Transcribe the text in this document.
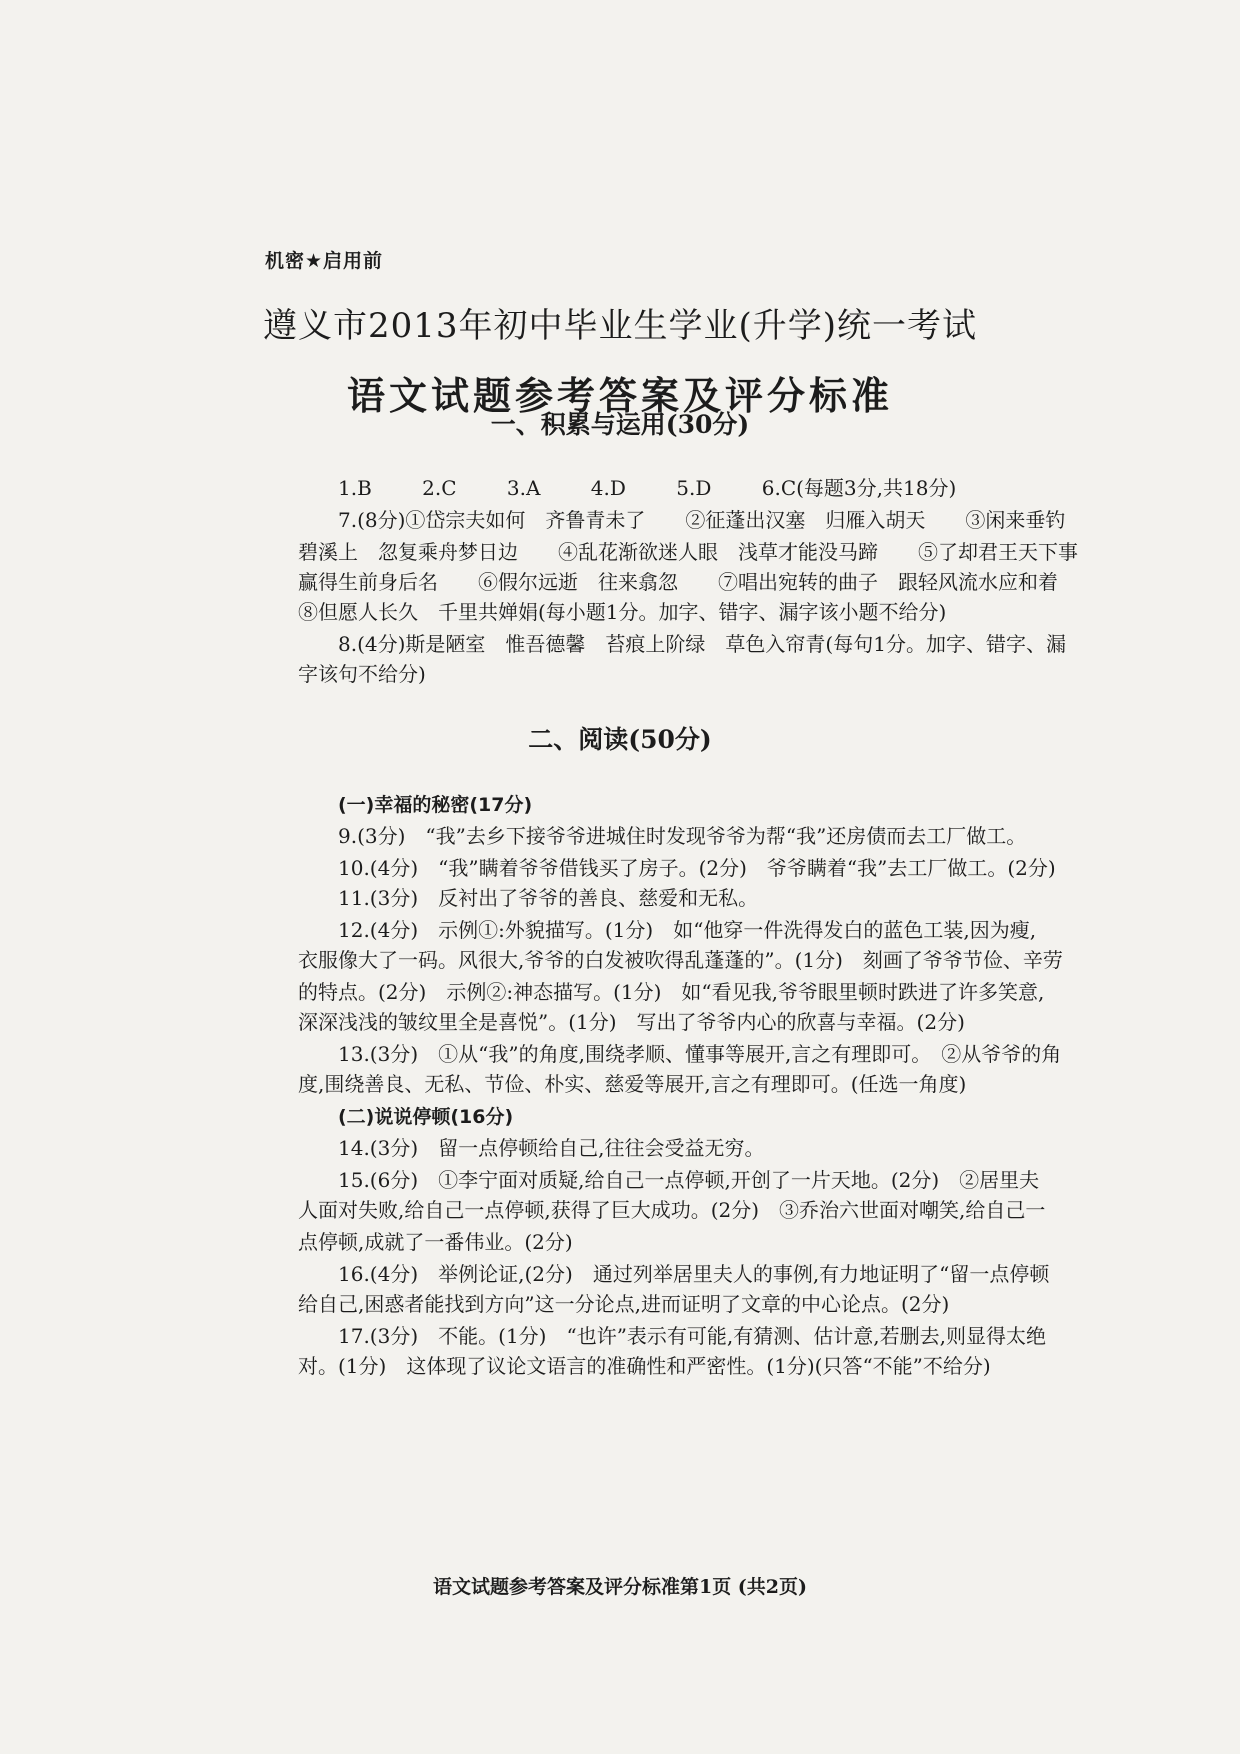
机密★启用前
遵义市2013年初中毕业生学业(升学)统一考试
语文试题参考答案及评分标准
一、积累与运用(30分)
1.B	2.C	3.A	4.D	5.D	6.C(每题3分,共18分)
7.(8分)①岱宗夫如何　齐鲁青未了　　②征蓬出汉塞　归雁入胡天　　③闲来垂钓
碧溪上　忽复乘舟梦日边　　④乱花渐欲迷人眼　浅草才能没马蹄　　⑤了却君王天下事
赢得生前身后名　　⑥假尔远逝　往来翕忽　　⑦唱出宛转的曲子　跟轻风流水应和着
⑧但愿人长久　千里共婵娟(每小题1分。加字、错字、漏字该小题不给分)
8.(4分)斯是陋室　惟吾德馨　苔痕上阶绿　草色入帘青(每句1分。加字、错字、漏
字该句不给分)
二、阅读(50分)
(一)幸福的秘密(17分)
9.(3分)　“我”去乡下接爷爷进城住时发现爷爷为帮“我”还房债而去工厂做工。
10.(4分)　“我”瞒着爷爷借钱买了房子。(2分)　爷爷瞒着“我”去工厂做工。(2分)
11.(3分)　反衬出了爷爷的善良、慈爱和无私。
12.(4分)　示例①:外貌描写。(1分)　如“他穿一件洗得发白的蓝色工装,因为瘦,
衣服像大了一码。风很大,爷爷的白发被吹得乱蓬蓬的”。(1分)　刻画了爷爷节俭、辛劳
的特点。(2分)　示例②:神态描写。(1分)　如“看见我,爷爷眼里顿时跌进了许多笑意,
深深浅浅的皱纹里全是喜悦”。(1分)　写出了爷爷内心的欣喜与幸福。(2分)
13.(3分)　①从“我”的角度,围绕孝顺、懂事等展开,言之有理即可。　②从爷爷的角
度,围绕善良、无私、节俭、朴实、慈爱等展开,言之有理即可。(任选一角度)
(二)说说停顿(16分)
14.(3分)　留一点停顿给自己,往往会受益无穷。
15.(6分)　①李宁面对质疑,给自己一点停顿,开创了一片天地。(2分)　②居里夫
人面对失败,给自己一点停顿,获得了巨大成功。(2分)　③乔治六世面对嘲笑,给自己一
点停顿,成就了一番伟业。(2分)
16.(4分)　举例论证,(2分)　通过列举居里夫人的事例,有力地证明了“留一点停顿
给自己,困惑者能找到方向”这一分论点,进而证明了文章的中心论点。(2分)
17.(3分)　不能。(1分)　“也许”表示有可能,有猜测、估计意,若删去,则显得太绝
对。(1分)　这体现了议论文语言的准确性和严密性。(1分)(只答“不能”不给分)
语文试题参考答案及评分标准第1页 (共2页)
